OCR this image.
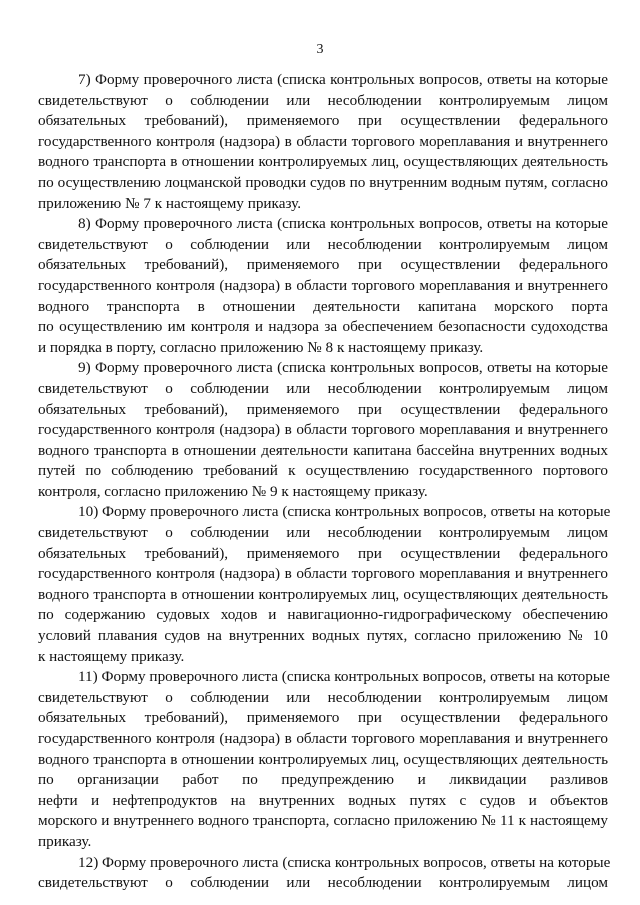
3
7) Форму проверочного листа (списка контрольных вопросов, ответы на которые
свидетельствуют о соблюдении или несоблюдении контролируемым лицом
обязательных требований), применяемого при осуществлении федерального
государственного контроля (надзора) в области торгового мореплавания и внутреннего
водного транспорта в отношении контролируемых лиц, осуществляющих деятельность
по осуществлению лоцманской проводки судов по внутренним водным путям, согласно
приложению № 7 к настоящему приказу.
8) Форму проверочного листа (списка контрольных вопросов, ответы на которые
свидетельствуют о соблюдении или несоблюдении контролируемым лицом
обязательных требований), применяемого при осуществлении федерального
государственного контроля (надзора) в области торгового мореплавания и внутреннего
водного транспорта в отношении деятельности капитана морского порта
по осуществлению им контроля и надзора за обеспечением безопасности судоходства
и порядка в порту, согласно приложению № 8 к настоящему приказу.
9) Форму проверочного листа (списка контрольных вопросов, ответы на которые
свидетельствуют о соблюдении или несоблюдении контролируемым лицом
обязательных требований), применяемого при осуществлении федерального
государственного контроля (надзора) в области торгового мореплавания и внутреннего
водного транспорта в отношении деятельности капитана бассейна внутренних водных
путей по соблюдению требований к осуществлению государственного портового
контроля, согласно приложению № 9 к настоящему приказу.
10) Форму проверочного листа (списка контрольных вопросов, ответы на которые
свидетельствуют о соблюдении или несоблюдении контролируемым лицом
обязательных требований), применяемого при осуществлении федерального
государственного контроля (надзора) в области торгового мореплавания и внутреннего
водного транспорта в отношении контролируемых лиц, осуществляющих деятельность
по содержанию судовых ходов и навигационно-гидрографическому обеспечению
условий плавания судов на внутренних водных путях, согласно приложению № 10
к настоящему приказу.
11) Форму проверочного листа (списка контрольных вопросов, ответы на которые
свидетельствуют о соблюдении или несоблюдении контролируемым лицом
обязательных требований), применяемого при осуществлении федерального
государственного контроля (надзора) в области торгового мореплавания и внутреннего
водного транспорта в отношении контролируемых лиц, осуществляющих деятельность
по организации работ по предупреждению и ликвидации разливов
нефти и нефтепродуктов на внутренних водных путях с судов и объектов
морского и внутреннего водного транспорта, согласно приложению № 11 к настоящему
приказу.
12) Форму проверочного листа (списка контрольных вопросов, ответы на которые
свидетельствуют о соблюдении или несоблюдении контролируемым лицом
